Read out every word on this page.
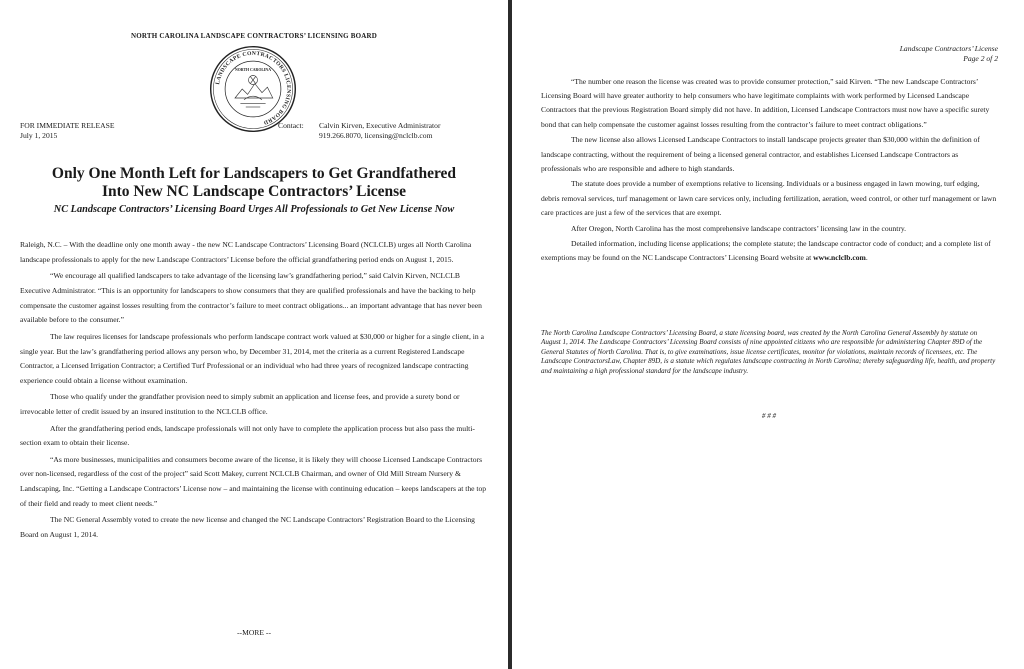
NORTH CAROLINA LANDSCAPE CONTRACTORS’ LICENSING BOARD
LANDSCAPE CONTRACTORS LICENSING BOARD
NORTH CAROLINA
FOR IMMEDIATE RELEASE
July 1, 2015
Contact: Calvin Kirven, Executive Administrator
919.266.8070, licensing@nclclb.com
Only One Month Left for Landscapers to Get Grandfathered
Into New NC Landscape Contractors’ License
NC Landscape Contractors’ Licensing Board Urges All Professionals to Get New License Now

Raleigh, N.C. – With the deadline only one month away - the new NC Landscape Contractors’ Licensing Board (NCLCLB) urges all North Carolina landscape professionals to apply for the new Landscape Contractors’ License before the official grandfathering period ends on August 1, 2015.

“We encourage all qualified landscapers to take advantage of the licensing law’s grandfathering period,” said Calvin Kirven, NCLCLB Executive Administrator. “This is an opportunity for landscapers to show consumers that they are qualified professionals and have the backing to help compensate the customer against losses resulting from the contractor’s failure to meet contract obligations... an important advantage that has never been available before to the consumer.”

The law requires licenses for landscape professionals who perform landscape contract work valued at $30,000 or higher for a single client, in a single year. But the law’s grandfathering period allows any person who, by December 31, 2014, met the criteria as a current Registered Landscape Contractor, a Licensed Irrigation Contractor; a Certified Turf Professional or an individual who had three years of recognized landscape contracting experience could obtain a license without examination.

Those who qualify under the grandfather provision need to simply submit an application and license fees, and provide a surety bond or irrevocable letter of credit issued by an insured institution to the NCLCLB office.

After the grandfathering period ends, landscape professionals will not only have to complete the application process but also pass the multi-section exam to obtain their license.

“As more businesses, municipalities and consumers become aware of the license, it is likely they will choose Licensed Landscape Contractors over non-licensed, regardless of the cost of the project” said Scott Makey, current NCLCLB Chairman, and owner of Old Mill Stream Nursery & Landscaping, Inc. “Getting a Landscape Contractors’ License now – and maintaining the license with continuing education – keeps landscapers at the top of their field and ready to meet client needs.”

The NC General Assembly voted to create the new license and changed the NC Landscape Contractors’ Registration Board to the Licensing Board on August 1, 2014.

--MORE --
Landscape Contractors’ License
Page 2 of 2

“The number one reason the license was created was to provide consumer protection,” said Kirven. “The new Landscape Contractors’ Licensing Board will have greater authority to help consumers who have legitimate complaints with work performed by Licensed Landscape Contractors that the previous Registration Board simply did not have. In addition, Licensed Landscape Contractors must now have a specific surety bond that can help compensate the customer against losses resulting from the contractor’s failure to meet contract obligations.”

The new license also allows Licensed Landscape Contractors to install landscape projects greater than $30,000 within the definition of landscape contracting, without the requirement of being a licensed general contractor, and establishes Licensed Landscape Contractors as professionals who are responsible and adhere to high standards.

The statute does provide a number of exemptions relative to licensing. Individuals or a business engaged in lawn mowing, turf edging, debris removal services, turf management or lawn care services only, including fertilization, aeration, weed control, or other turf management or lawn care practices are just a few of the services that are exempt.

After Oregon, North Carolina has the most comprehensive landscape contractors’ licensing law in the country.

Detailed information, including license applications; the complete statute; the landscape contractor code of conduct; and a complete list of exemptions may be found on the NC Landscape Contractors’ Licensing Board website at www.nclclb.com.

The North Carolina Landscape Contractors’ Licensing Board, a state licensing board, was created by the North Carolina General Assembly by statute on August 1, 2014. The Landscape Contractors’ Licensing Board consists of nine appointed citizens who are responsible for administering Chapter 89D of the General Statutes of North Carolina. That is, to give examinations, issue license certificates, monitor for violations, maintain records of licensees, etc. The Landscape ContractorsLaw, Chapter 89D, is a statute which regulates landscape contracting in North Carolina; thereby safeguarding life, health, and property and maintaining a high professional standard for the landscape industry.
# # #
